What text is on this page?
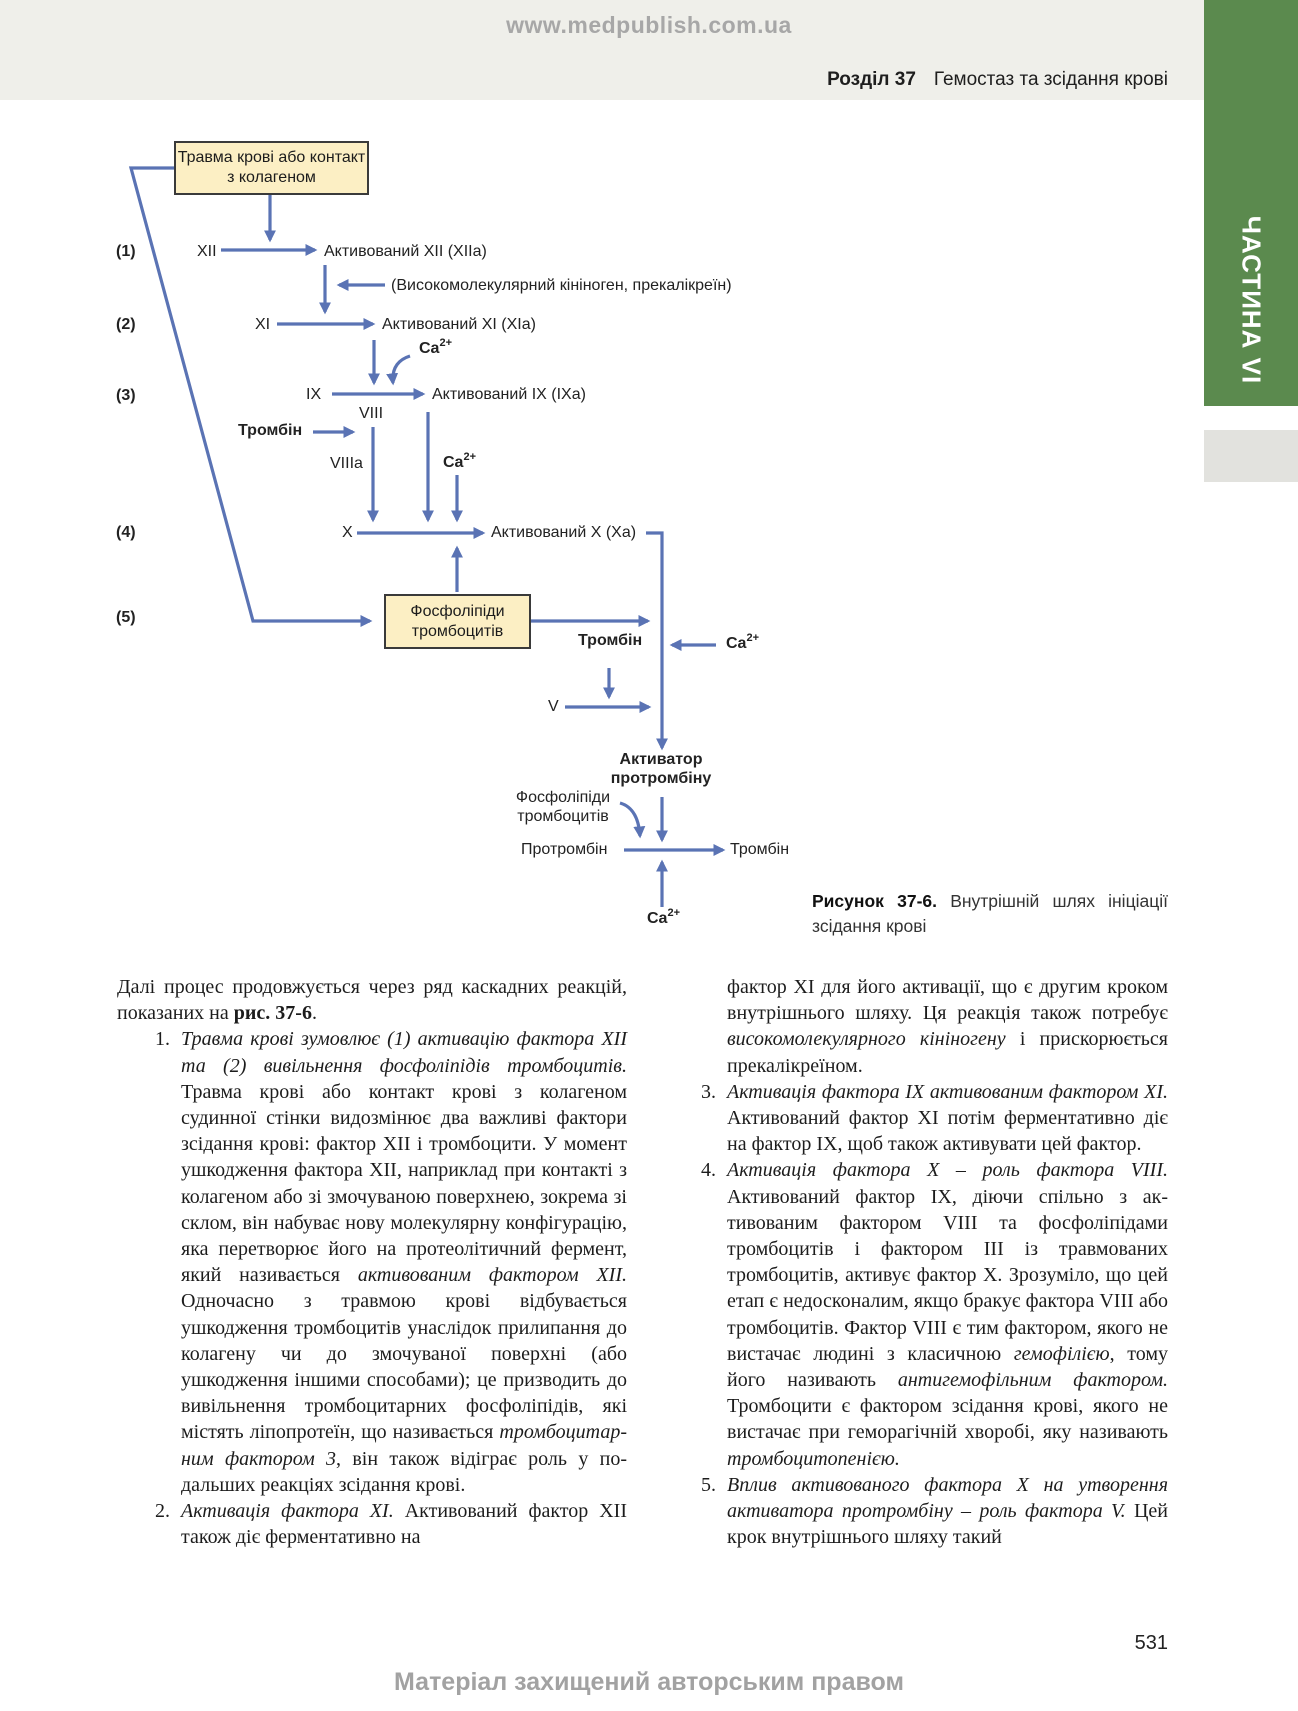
www.medpublish.com.ua
Розділ 37 Гемостаз та зсідання крові
ЧАСТИНА VI
Травма крові або контакт з колагеном
Фосфоліпіди тромбоцитів
(1)
(2)
(3)
(4)
(5)
XII	Активований XII (XIIa)
(Високомолекулярний кініноген, прекалікреїн)
XI	Активований XI (XIa)
$Ca^{2+}$
IX	Активований IX (IXa)
VIII
Тромбін
VIIIa	$Ca^{2+}$
X	Активований X (Xa)
Тромбін	$Ca^{2+}$
V
Активатор протромбіну
Фосфоліпіди тромбоцитів
Протромбін	Тромбін
$Ca^{2+}$
Рисунок 37-6. Внутрішній шлях ініціації зсідання крові

Далі процес продовжується через ряд каскадних реакцій, показаних на рис. 37-6.

1. Травма крові зумовлює (1) активацію фактора XII та (2) вивільнення фосфоліпідів тромбоцитів. Травма крові або контакт крові з колагеном судинної стінки видозмінює два важливі фактори зсідання крові: фактор XII і тромбоцити. У момент ушкодження фактора XII, наприклад при контакті з колагеном або зі змочуваною поверхнею, зокрема зі склом, він набуває нову молекулярну конфігурацію, яка перетворює його на протеолітичний фермент, який називається активованим фактором XII. Одночасно з травмою крові відбувається ушкодження тромбоцитів унаслідок прилипання до колагену чи до змочуваної поверхні (або ушкодження іншими способами); це призводить до вивільнення тромбоцитарних фосфоліпідів, які містять ліпопротеїн, що називається тромбоцитарним фактором 3, він також відіграє роль у подальших реакціях зсідання крові.
2. Активація фактора XI. Активований фактор XII також діє ферментативно на

фактор XI для його активації, що є другим кроком внутрішнього шляху. Ця реакція також потребує високомолекулярного кініногену і прискорюється прекалікреїном.

3. Активація фактора IX активованим фактором XI. Активований фактор XI потім ферментативно діє на фактор IX, щоб також активувати цей фактор.
4. Активація фактора X – роль фактора VIII. Активований фактор IX, діючи спільно з активованим фактором VIII та фосфоліпідами тромбоцитів і фактором III із травмованих тромбоцитів, активує фактор X. Зрозуміло, що цей етап є недосконалим, якщо бракує фактора VIII або тромбоцитів. Фактор VIII є тим фактором, якого не вистачає людині з класичною гемофілією, тому його називають антигемофільним фактором. Тромбоцити є фактором зсідання крові, якого не вистачає при геморагічній хворобі, яку називають тромбоцитопенією.
5. Вплив активованого фактора X на утворення активатора протромбіну – роль фактора V. Цей крок внутрішнього шляху такий
531
Матеріал захищений авторським правом
